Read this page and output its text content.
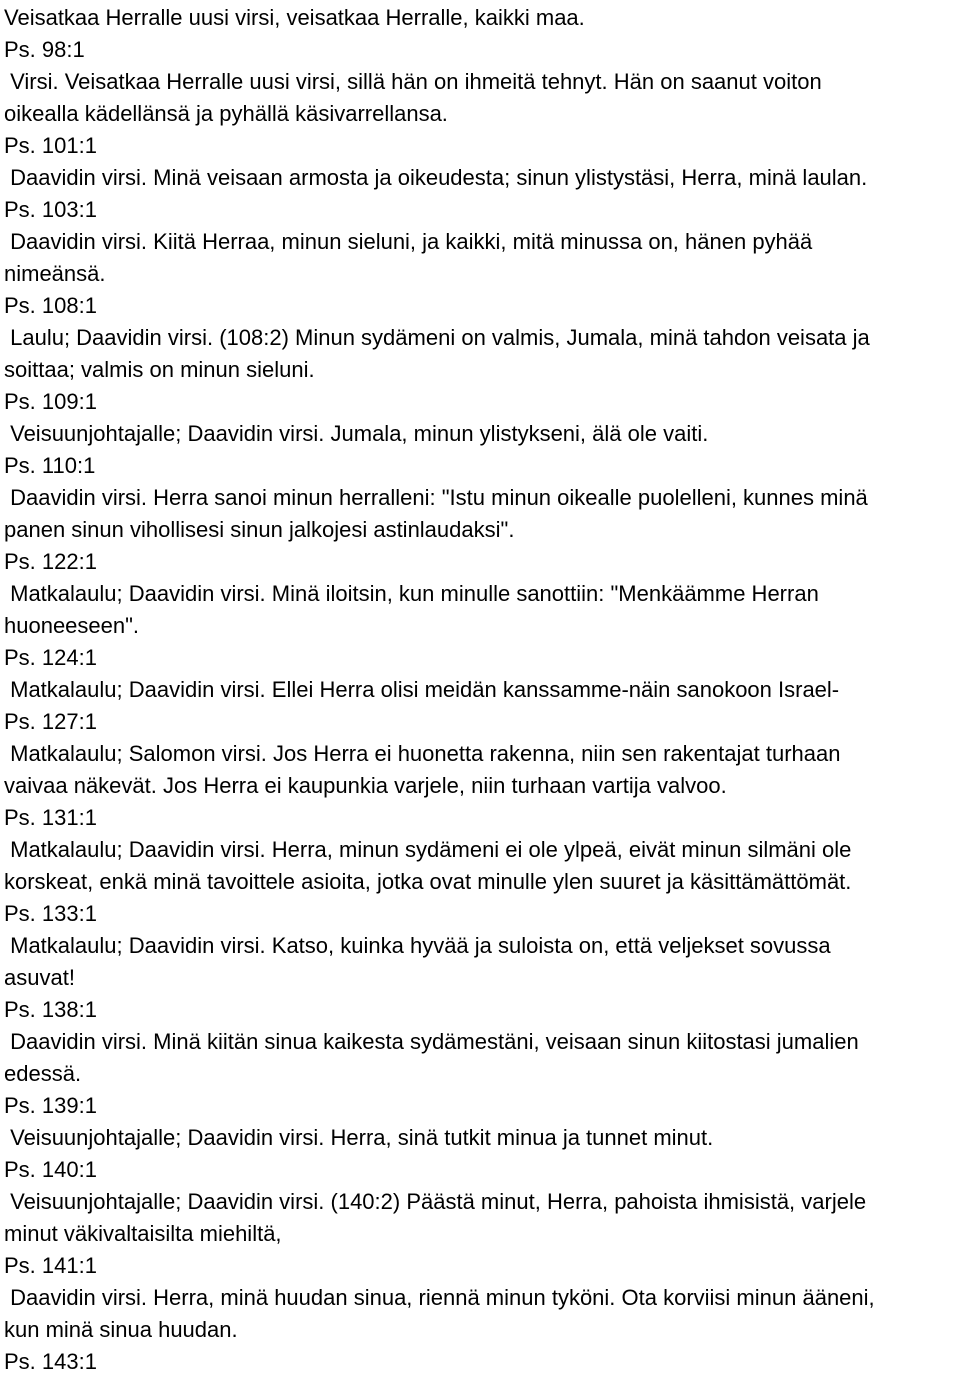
Veisatkaa Herralle uusi virsi, veisatkaa Herralle, kaikki maa.
Ps. 98:1
Virsi. Veisatkaa Herralle uusi virsi, sillä hän on ihmeitä tehnyt. Hän on saanut voiton
oikealla kädellänsä ja pyhällä käsivarrellansa.
Ps. 101:1
Daavidin virsi. Minä veisaan armosta ja oikeudesta; sinun ylistystäsi, Herra, minä laulan.
Ps. 103:1
Daavidin virsi. Kiitä Herraa, minun sieluni, ja kaikki, mitä minussa on, hänen pyhää
nimeänsä.
Ps. 108:1
Laulu; Daavidin virsi. (108:2) Minun sydämeni on valmis, Jumala, minä tahdon veisata ja
soittaa; valmis on minun sieluni.
Ps. 109:1
Veisuunjohtajalle; Daavidin virsi. Jumala, minun ylistykseni, älä ole vaiti.
Ps. 110:1
Daavidin virsi. Herra sanoi minun herralleni: "Istu minun oikealle puolelleni, kunnes minä
panen sinun vihollisesi sinun jalkojesi astinlaudaksi".
Ps. 122:1
Matkalaulu; Daavidin virsi. Minä iloitsin, kun minulle sanottiin: "Menkäämme Herran
huoneeseen".
Ps. 124:1
Matkalaulu; Daavidin virsi. Ellei Herra olisi meidän kanssamme-näin sanokoon Israel-
Ps. 127:1
Matkalaulu; Salomon virsi. Jos Herra ei huonetta rakenna, niin sen rakentajat turhaan
vaivaa näkevät. Jos Herra ei kaupunkia varjele, niin turhaan vartija valvoo.
Ps. 131:1
Matkalaulu; Daavidin virsi. Herra, minun sydämeni ei ole ylpeä, eivät minun silmäni ole
korskeat, enkä minä tavoittele asioita, jotka ovat minulle ylen suuret ja käsittämättömät.
Ps. 133:1
Matkalaulu; Daavidin virsi. Katso, kuinka hyvää ja suloista on, että veljekset sovussa
asuvat!
Ps. 138:1
Daavidin virsi. Minä kiitän sinua kaikesta sydämestäni, veisaan sinun kiitostasi jumalien
edessä.
Ps. 139:1
Veisuunjohtajalle; Daavidin virsi. Herra, sinä tutkit minua ja tunnet minut.
Ps. 140:1
Veisuunjohtajalle; Daavidin virsi. (140:2) Päästä minut, Herra, pahoista ihmisistä, varjele
minut väkivaltaisilta miehiltä,
Ps. 141:1
Daavidin virsi. Herra, minä huudan sinua, riennä minun tyköni. Ota korviisi minun ääneni,
kun minä sinua huudan.
Ps. 143:1
